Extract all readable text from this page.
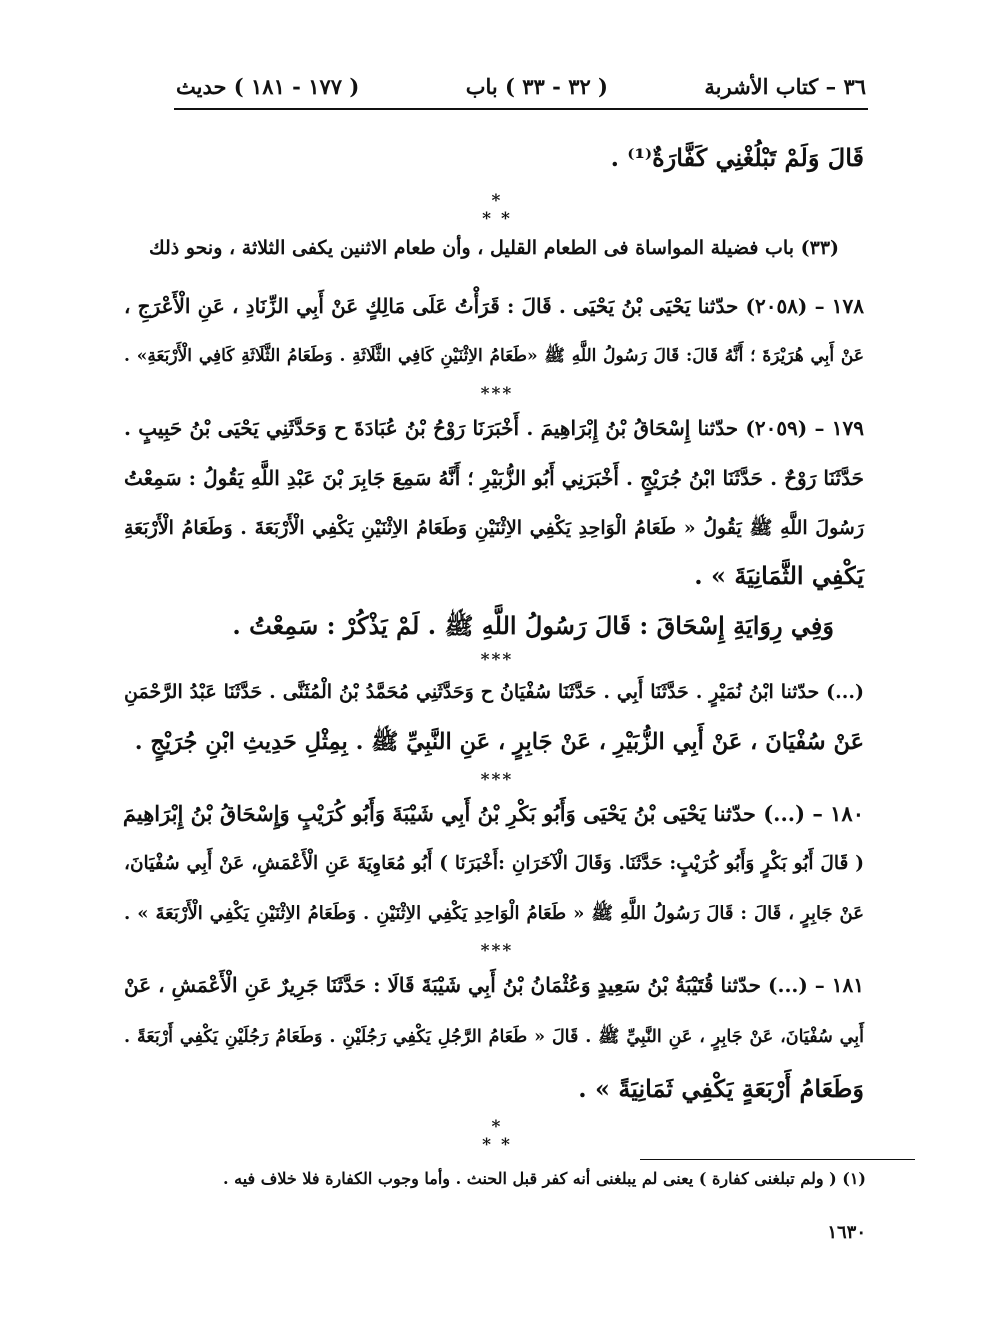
٣٦ – كتاب الأشربة
( ٣٢ - ٣٣ ) باب
( ١٧٧ - ١٨١ ) حديث
قَالَ وَلَمْ تَبْلُغْنِي كَفَّارَةٌ⁽¹⁾ .
*
* *
(٣٣) باب فضيلة المواساة فى الطعام القليل ، وأن طعام الاثنين يكفى الثلاثة ، ونحو ذلك
١٧٨ – (٢٠٥٨) حدّثنا يَحْيَى بْنُ يَحْيَى . قَالَ : قَرَأْتُ عَلَى مَالِكٍ عَنْ أَبِي الزِّنَادِ ، عَنِ الْأَعْرَجِ ،
عَنْ أَبِي هُرَيْرَةَ ؛ أَنَّهُ قَالَ: قَالَ رَسُولُ اللَّهِ ﷺ «طَعَامُ الاِثْنَيْنِ كَافِي الثَّلَاثَةِ . وَطَعَامُ الثَّلَاثَةِ كَافِي الْأَرْبَعَةِ» .
***
١٧٩ – (٢٠٥٩) حدّثنا إِسْحَاقُ بْنُ إِبْرَاهِيمَ . أَخْبَرَنَا رَوْحُ بْنُ عُبَادَةَ ح وَحَدَّثَنِي يَحْيَى بْنُ حَبِيبٍ .
حَدَّثَنَا رَوْحٌ . حَدَّثَنَا ابْنُ جُرَيْجٍ . أَخْبَرَنِي أَبُو الزُّبَيْرِ ؛ أَنَّهُ سَمِعَ جَابِرَ بْنَ عَبْدِ اللَّهِ يَقُولُ : سَمِعْتُ
رَسُولَ اللَّهِ ﷺ يَقُولُ « طَعَامُ الْوَاحِدِ يَكْفِي الاِثْنَيْنِ وَطَعَامُ الاِثْنَيْنِ يَكْفِي الْأَرْبَعَةَ . وَطَعَامُ الْأَرْبَعَةِ
يَكْفِي الثَّمَانِيَةَ » .
وَفِي رِوَايَةِ إِسْحَاقَ : قَالَ رَسُولُ اللَّهِ ﷺ . لَمْ يَذْكُرْ : سَمِعْتُ .
***
(...) حدّثنا ابْنُ نُمَيْرٍ . حَدَّثَنَا أَبِي . حَدَّثَنَا سُفْيَانُ ح وَحَدَّثَنِي مُحَمَّدُ بْنُ الْمُثَنَّى . حَدَّثَنَا عَبْدُ الرَّحْمَنِ
عَنْ سُفْيَانَ ، عَنْ أَبِي الزُّبَيْرِ ، عَنْ جَابِرٍ ، عَنِ النَّبِيِّ ﷺ . بِمِثْلِ حَدِيثِ ابْنِ جُرَيْجٍ .
***
١٨٠ – (...) حدّثنا يَحْيَى بْنُ يَحْيَى وَأَبُو بَكْرِ بْنُ أَبِي شَيْبَةَ وَأَبُو كُرَيْبٍ وَإِسْحَاقُ بْنُ إِبْرَاهِيمَ
( قَالَ أَبُو بَكْرٍ وَأَبُو كُرَيْبٍ: حَدَّثَنَا. وَقَالَ الْآخَرَانِ :أَخْبَرَنَا ) أَبُو مُعَاوِيَةَ عَنِ الْأَعْمَشِ، عَنْ أَبِي سُفْيَانَ،
عَنْ جَابِرٍ ، قَالَ : قَالَ رَسُولُ اللَّهِ ﷺ « طَعَامُ الْوَاحِدِ يَكْفِي الاِثْنَيْنِ . وَطَعَامُ الاِثْنَيْنِ يَكْفِي الْأَرْبَعَةَ » .
***
١٨١ – (...) حدّثنا قُتَيْبَةُ بْنُ سَعِيدٍ وَعُثْمَانُ بْنُ أَبِي شَيْبَةَ قَالَا : حَدَّثَنَا جَرِيرٌ عَنِ الْأَعْمَشِ ، عَنْ
أَبِي سُفْيَانَ، عَنْ جَابِرٍ ، عَنِ النَّبِيِّ ﷺ . قَالَ « طَعَامُ الرَّجُلِ يَكْفِي رَجُلَيْنِ . وَطَعَامُ رَجُلَيْنِ يَكْفِي أَرْبَعَةً .
وَطَعَامُ أَرْبَعَةٍ يَكْفِي ثَمَانِيَةً » .
*
* *
(١) ( ولم تبلغنى كفارة ) يعنى لم يبلغنى أنه كفر قبل الحنث . وأما وجوب الكفارة فلا خلاف فيه .
١٦٣٠
